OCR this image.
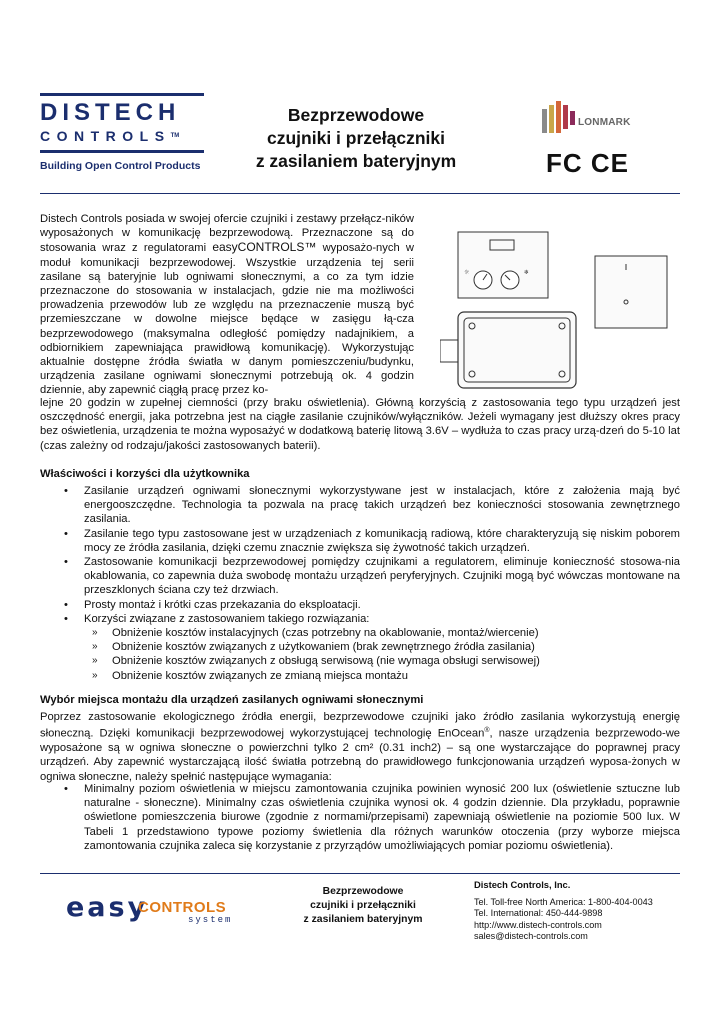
DISTECH
CONTROLS™
Building Open Control Products
Bezprzewodowe
czujniki i przełączniki
z zasilaniem bateryjnym
LONMARK
FC CE
Distech Controls posiada w swojej ofercie czujniki i zestawy przełącz-ników wyposażonych w komunikację bezprzewodową. Przeznaczone są do stosowania wraz z regulatorami easyCONTROLS™ wyposażo-nych w moduł komunikacji bezprzewodowej. Wszystkie urządzenia tej serii zasilane są bateryjnie lub ogniwami słonecznymi, a co za tym idzie przeznaczone do stosowania w instalacjach, gdzie nie ma możliwości prowadzenia przewodów lub ze względu na przeznaczenie muszą być przemieszczane w dowolne miejsce będące w zasięgu łą-cza bezprzewodowego (maksymalna odległość pomiędzy nadajnikiem, a odbiornikiem zapewniająca prawidłową komunikację). Wykorzystując aktualnie dostępne źródła światła w danym pomieszczeniu/budynku, urządzenia zasilane ogniwami słonecznymi potrzebują ok. 4 godzin dziennie, aby zapewnić ciągłą pracę przez ko-
☼	❄
lejne 20 godzin w zupełnej ciemności (przy braku oświetlenia). Główną korzyścią z zastosowania tego typu urządzeń jest oszczędność energii, jaka potrzebna jest na ciągłe zasilanie czujników/wyłączników. Jeżeli wymagany jest dłuższy okres pracy bez oświetlenia, urządzenia te można wyposażyć w dodatkową baterię litową 3.6V – wydłuża to czas pracy urzą-dzeń do 5-10 lat (czas zależny od rodzaju/jakości zastosowanych baterii).
Właściwości i korzyści dla użytkownika
• Zasilanie urządzeń ogniwami słonecznymi wykorzystywane jest w instalacjach, które z założenia mają być energooszczędne. Technologia ta pozwala na pracę takich urządzeń bez konieczności stosowania zewnętrznego zasilania.
• Zasilanie tego typu zastosowane jest w urządzeniach z komunikacją radiową, które charakteryzują się niskim poborem mocy ze źródła zasilania, dzięki czemu znacznie zwiększa się żywotność takich urządzeń.
• Zastosowanie komunikacji bezprzewodowej pomiędzy czujnikami a regulatorem, eliminuje konieczność stosowa-nia okablowania, co zapewnia duża swobodę montażu urządzeń peryferyjnych. Czujniki mogą być wówczas montowane na przeszklonych ściana czy też drzwiach.
• Prosty montaż i krótki czas przekazania do eksploatacji.
• Korzyści związane z zastosowaniem takiego rozwiązania:
» Obniżenie kosztów instalacyjnych (czas potrzebny na okablowanie, montaż/wiercenie)
» Obniżenie kosztów związanych z użytkowaniem (brak zewnętrznego źródła zasilania)
» Obniżenie kosztów związanych z obsługą serwisową (nie wymaga obsługi serwisowej)
» Obniżenie kosztów związanych ze zmianą miejsca montażu
Wybór miejsca montażu dla urządzeń zasilanych ogniwami słonecznymi
Poprzez zastosowanie ekologicznego źródła energii, bezprzewodowe czujniki jako źródło zasilania wykorzystują energię słoneczną. Dzięki komunikacji bezprzewodowej wykorzystującej technologię EnOcean®, nasze urządzenia bezprzewodo-we wyposażone są w ogniwa słoneczne o powierzchni tylko 2 cm² (0.31 inch2) – są one wystarczające do poprawnej pracy urządzeń. Aby zapewnić wystarczającą ilość światła potrzebną do prawidłowego funkcjonowania urządzeń wyposa-żonych w ogniwa słoneczne, należy spełnić następujące wymagania:
• Minimalny poziom oświetlenia w miejscu zamontowania czujnika powinien wynosić 200 lux (oświetlenie sztuczne lub naturalne - słoneczne). Minimalny czas oświetlenia czujnika wynosi ok. 4 godzin dziennie. Dla przykładu, poprawnie oświetlone pomieszczenia biurowe (zgodnie z normami/przepisami) zapewniają oświetlenie na poziomie 500 lux. W Tabeli 1 przedstawiono typowe poziomy świetlenia dla różnych warunków otoczenia (przy wyborze miejsca zamontowania czujnika zaleca się korzystanie z przyrządów umożliwiających pomiar poziomu oświetlenia).
easy
CONTROLS
system
Bezprzewodowe
czujniki i przełączniki
z zasilaniem bateryjnym
Distech Controls, Inc.
Tel. Toll-free North America: 1-800-404-0043
Tel. International: 450-444-9898
http://www.distech-controls.com
sales@distech-controls.com
